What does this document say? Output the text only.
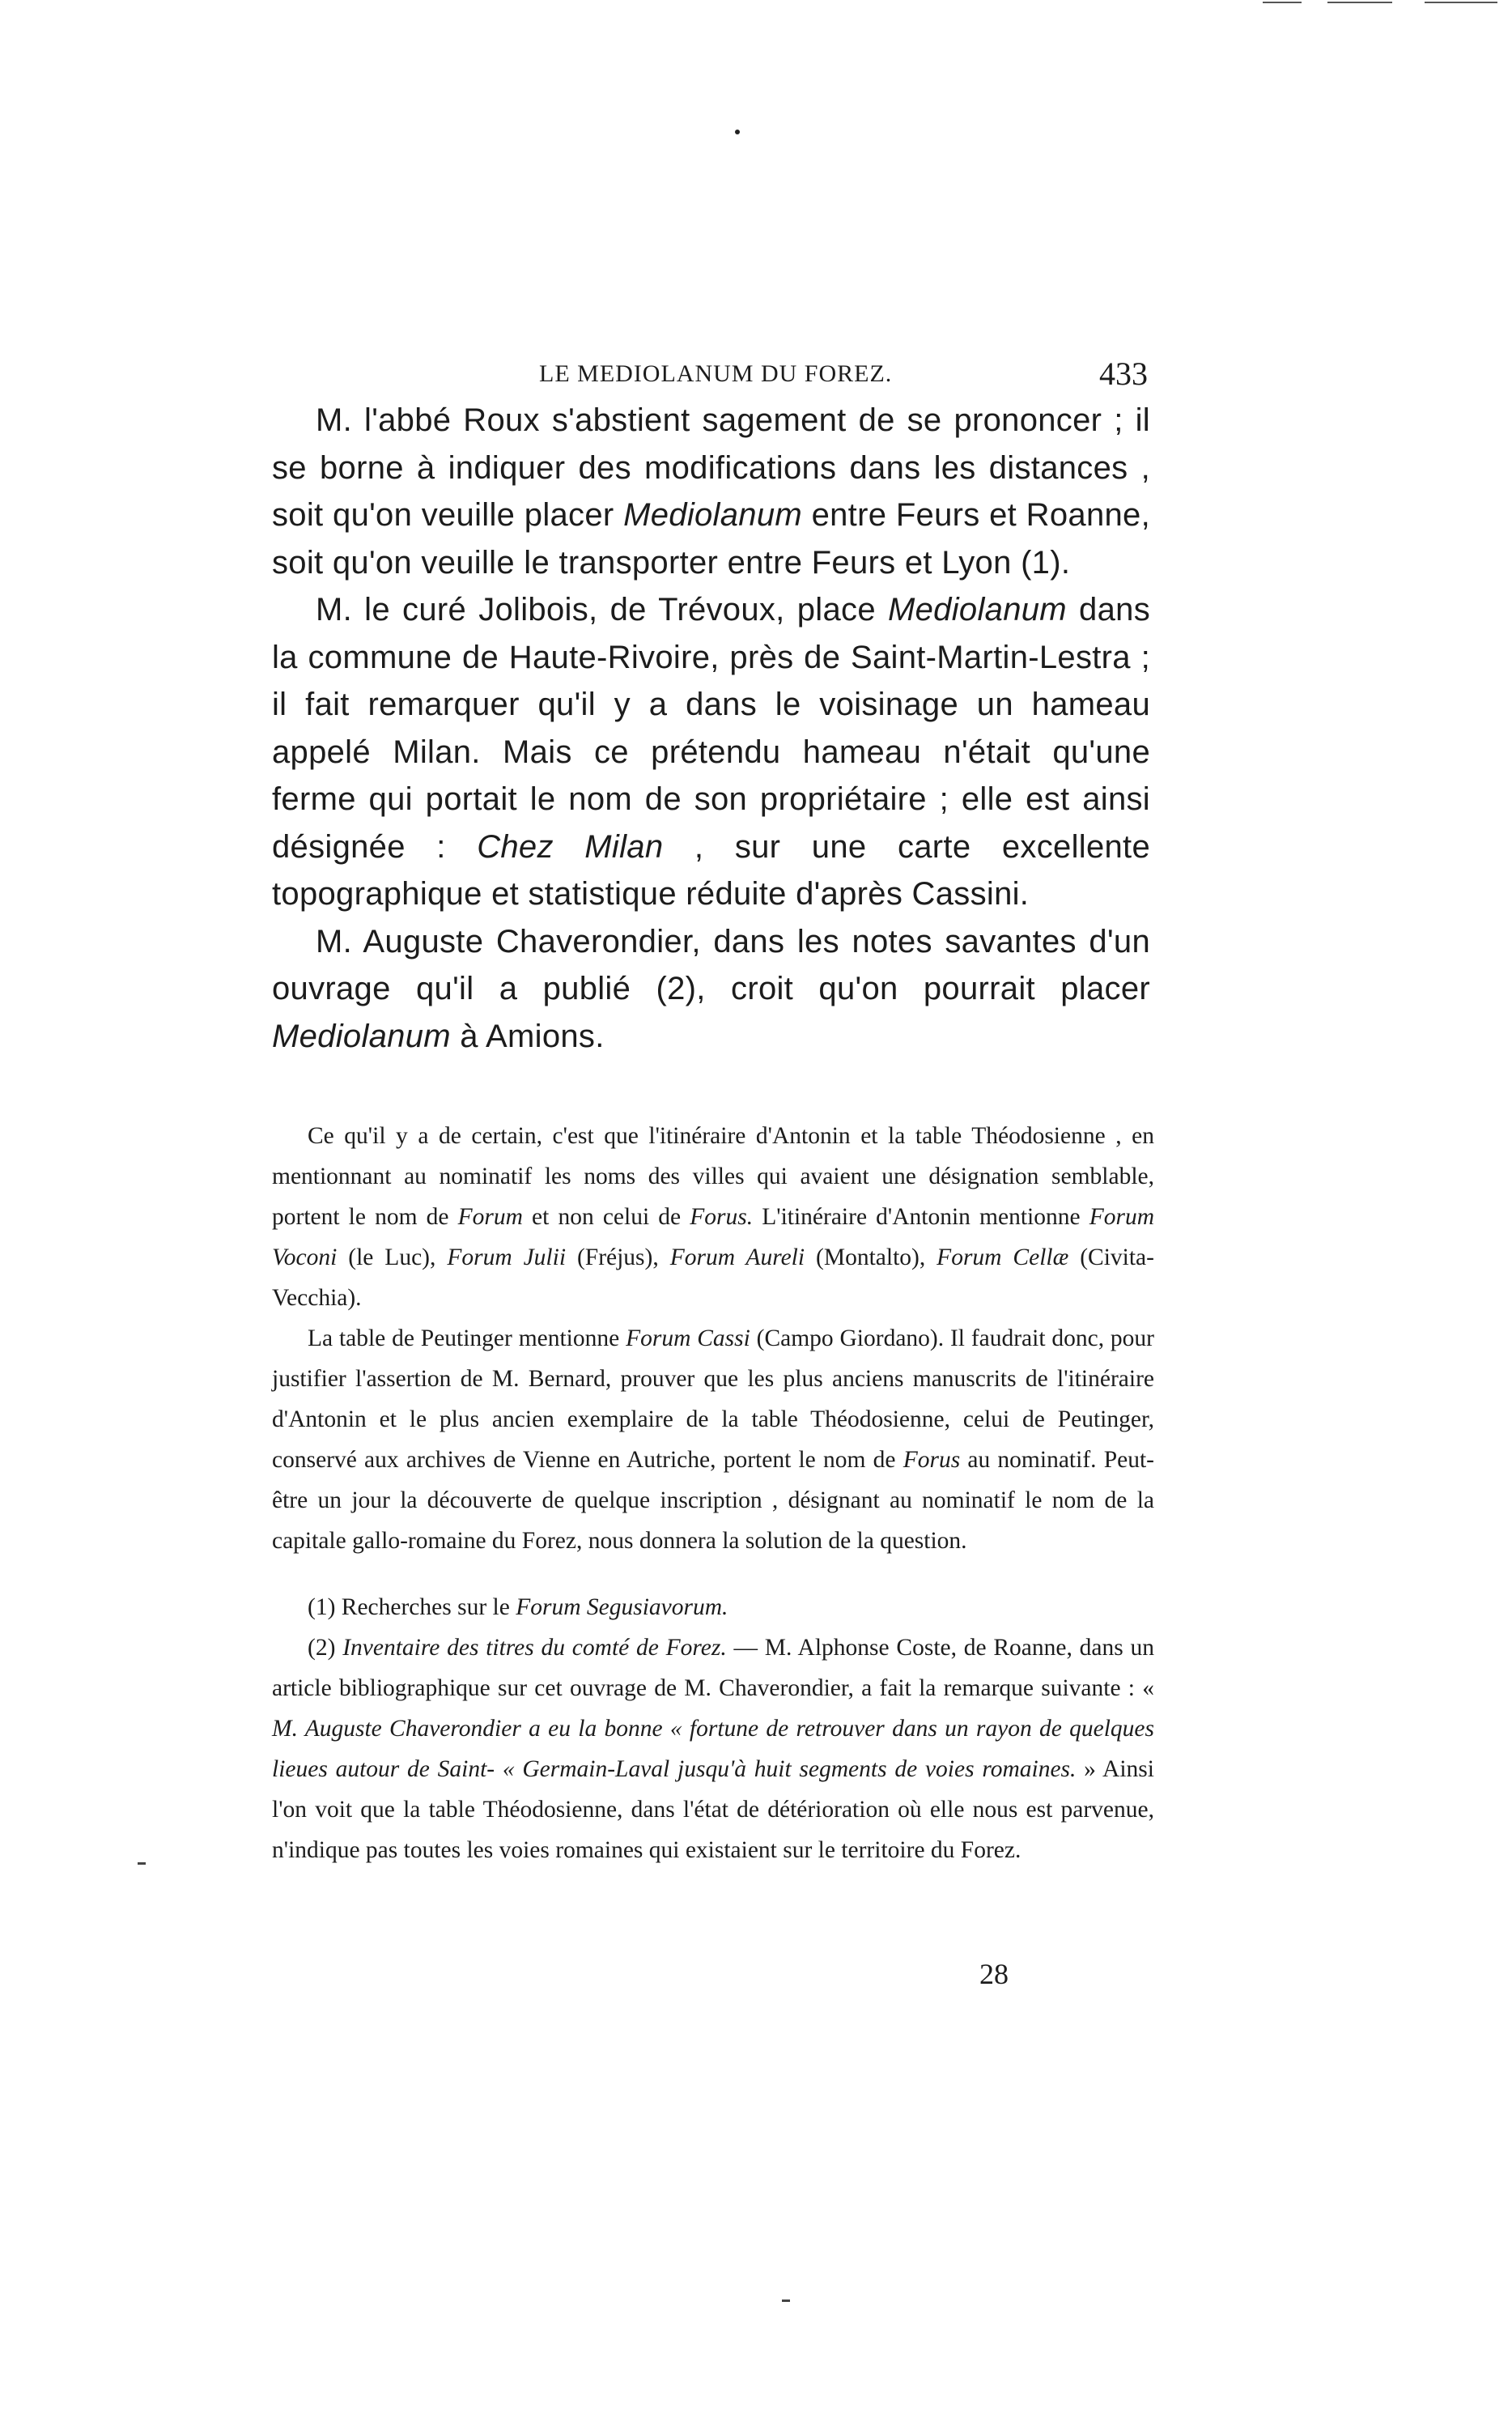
LE MEDIOLANUM DU FOREZ.	433

M. l'abbé Roux s'abstient sagement de se prononcer ; il se borne à indiquer des modifications dans les distances , soit qu'on veuille placer Mediolanum entre Feurs et Roanne, soit qu'on veuille le transporter entre Feurs et Lyon (1).

M. le curé Jolibois, de Trévoux, place Mediolanum dans la commune de Haute-Rivoire, près de Saint-Martin-Lestra ; il fait remarquer qu'il y a dans le voisinage un hameau appelé Milan. Mais ce prétendu hameau n'était qu'une ferme qui portait le nom de son propriétaire ; elle est ainsi désignée : Chez Milan , sur une carte excellente topographique et statistique réduite d'après Cassini.

M. Auguste Chaverondier, dans les notes savantes d'un ouvrage qu'il a publié (2), croit qu'on pourrait placer Mediolanum à Amions.

Ce qu'il y a de certain, c'est que l'itinéraire d'Antonin et la table Théodosienne , en mentionnant au nominatif les noms des villes qui avaient une désignation semblable, portent le nom de Forum et non celui de Forus. L'itinéraire d'Antonin mentionne Forum Voconi (le Luc), Forum Julii (Fréjus), Forum Aureli (Montalto), Forum Cellæ (Civita-Vecchia).

La table de Peutinger mentionne Forum Cassi (Campo Giordano). Il faudrait donc, pour justifier l'assertion de M. Bernard, prouver que les plus anciens manuscrits de l'itinéraire d'Antonin et le plus ancien exemplaire de la table Théodosienne, celui de Peutinger, conservé aux archives de Vienne en Autriche, portent le nom de Forus au nominatif. Peut-être un jour la découverte de quelque inscription , désignant au nominatif le nom de la capitale gallo-romaine du Forez, nous donnera la solution de la question.

(1) Recherches sur le Forum Segusiavorum.

(2) Inventaire des titres du comté de Forez. — M. Alphonse Coste, de Roanne, dans un article bibliographique sur cet ouvrage de M. Chaverondier, a fait la remarque suivante : « M. Auguste Chaverondier a eu la bonne « fortune de retrouver dans un rayon de quelques lieues autour de Saint- « Germain-Laval jusqu'à huit segments de voies romaines. » Ainsi l'on voit que la table Théodosienne, dans l'état de détérioration où elle nous est parvenue, n'indique pas toutes les voies romaines qui existaient sur le territoire du Forez.

28
